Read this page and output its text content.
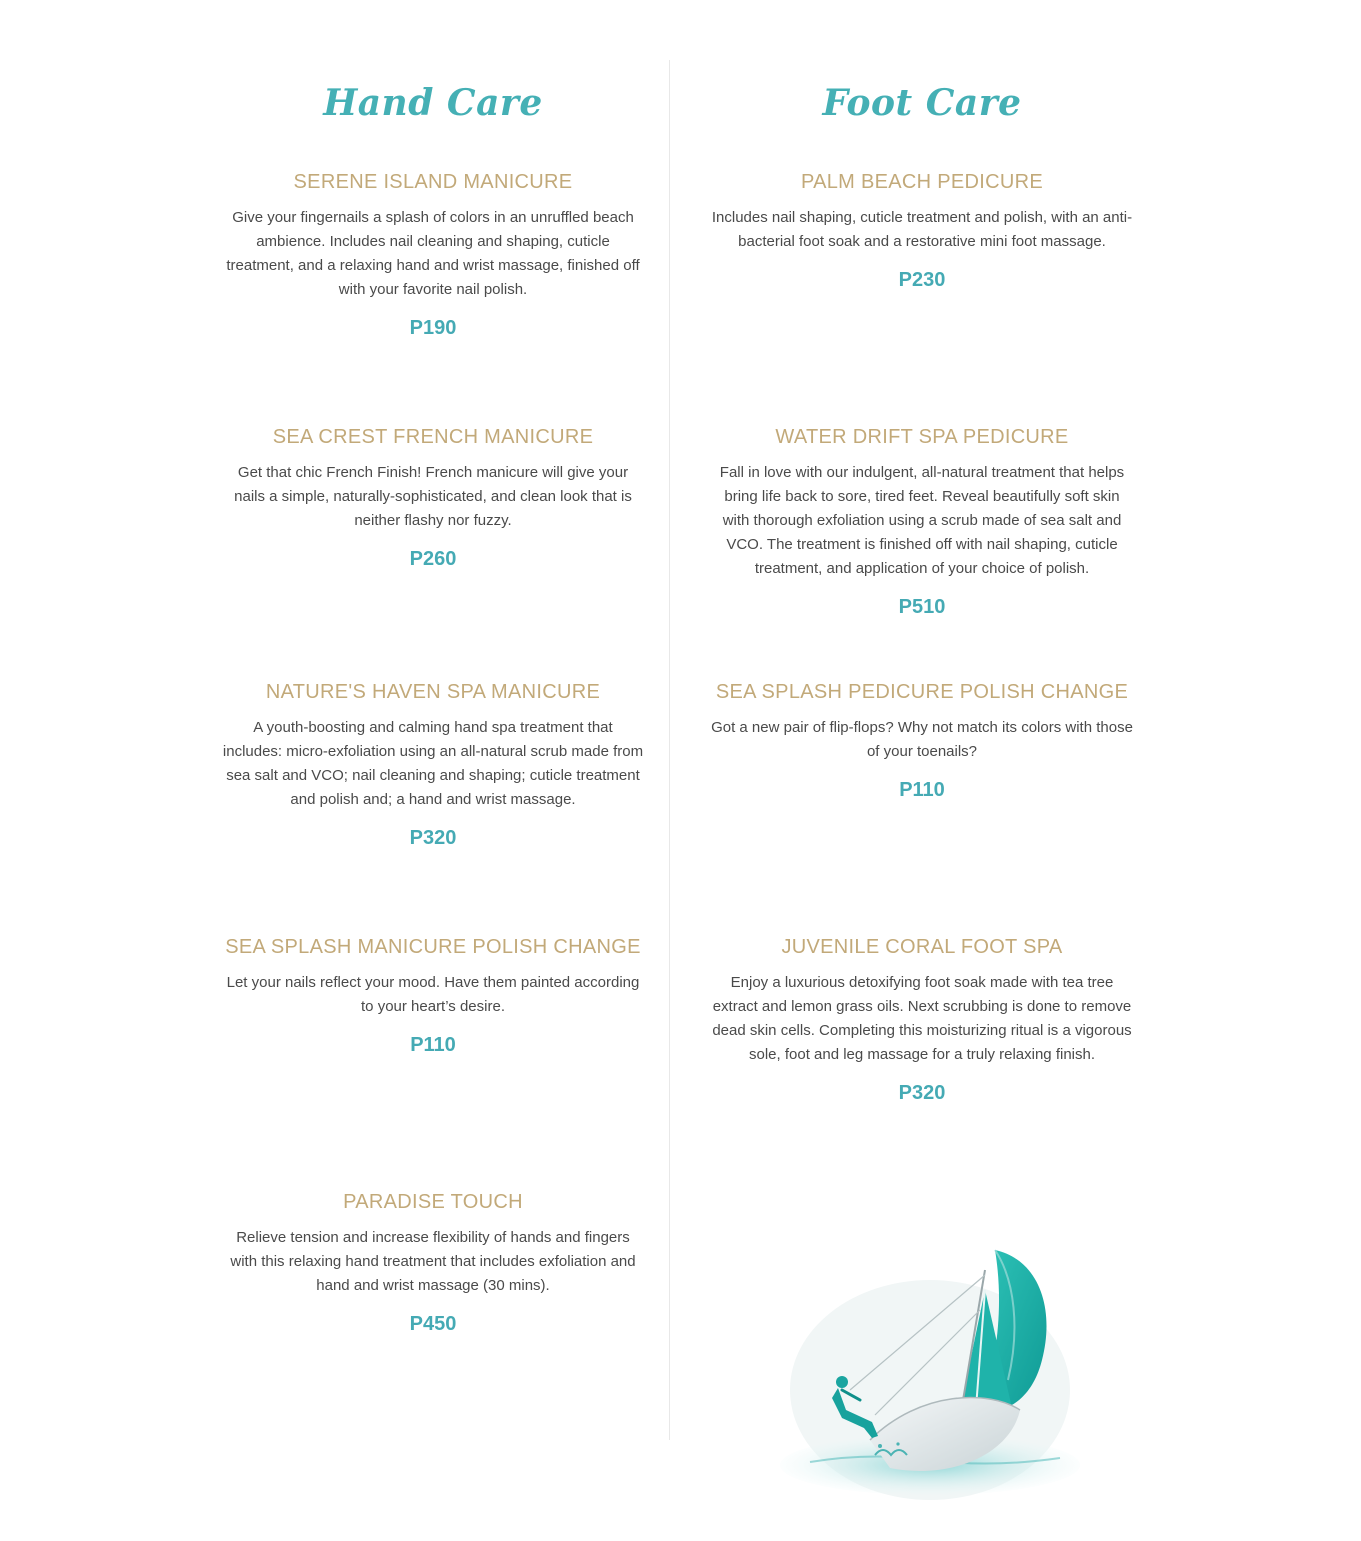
Hand Care
SERENE ISLAND MANICURE

Give your fingernails a splash of colors in an unruffled beach ambience. Includes nail cleaning and shaping, cuticle treatment, and a relaxing hand and wrist massage, finished off with your favorite nail polish.

P190

SEA CREST FRENCH MANICURE

Get that chic French Finish! French manicure will give your nails a simple, naturally-sophisticated, and clean look that is neither flashy nor fuzzy.

P260

NATURE'S HAVEN SPA MANICURE

A youth-boosting and calming hand spa treatment that includes: micro-exfoliation using an all-natural scrub made from sea salt and VCO; nail cleaning and shaping; cuticle treatment and polish and; a hand and wrist massage.

P320

SEA SPLASH MANICURE POLISH CHANGE

Let your nails reflect your mood. Have them painted according to your heart’s desire.

P110

PARADISE TOUCH

Relieve tension and increase flexibility of hands and fingers with this relaxing hand treatment that includes exfoliation and hand and wrist massage (30 mins).

P450

Foot Care
PALM BEACH PEDICURE

Includes nail shaping, cuticle treatment and polish, with an anti-bacterial foot soak and a restorative mini foot massage.

P230

WATER DRIFT SPA PEDICURE

Fall in love with our indulgent, all-natural treatment that helps bring life back to sore, tired feet. Reveal beautifully soft skin with thorough exfoliation using a scrub made of sea salt and VCO. The treatment is finished off with nail shaping, cuticle treatment, and application of your choice of polish.

P510

SEA SPLASH PEDICURE POLISH CHANGE

Got a new pair of flip-flops? Why not match its colors with those of your toenails?

P110

JUVENILE CORAL FOOT SPA

Enjoy a luxurious detoxifying foot soak made with tea tree extract and lemon grass oils. Next scrubbing is done to remove dead skin cells. Completing this moisturizing ritual is a vigorous sole, foot and leg massage for a truly relaxing finish.

P320
